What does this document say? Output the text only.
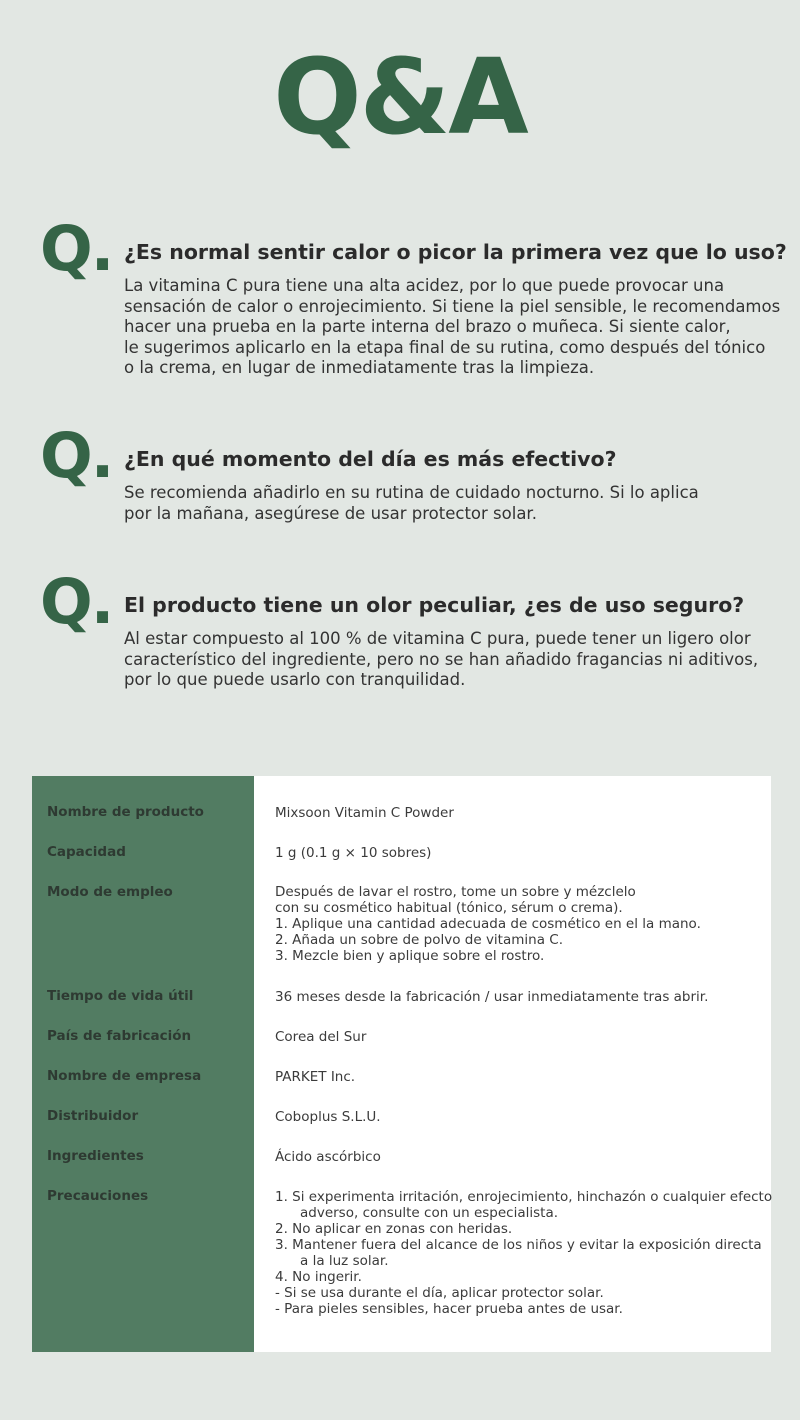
Q&A
Q. ¿Es normal sentir calor o picor la primera vez que lo uso?
La vitamina C pura tiene una alta acidez, por lo que puede provocar una
sensación de calor o enrojecimiento. Si tiene la piel sensible, le recomendamos
hacer una prueba en la parte interna del brazo o muñeca. Si siente calor,
le sugerimos aplicarlo en la etapa final de su rutina, como después del tónico
o la crema, en lugar de inmediatamente tras la limpieza.
Q. ¿En qué momento del día es más efectivo?
Se recomienda añadirlo en su rutina de cuidado nocturno. Si lo aplica
por la mañana, asegúrese de usar protector solar.
Q. El producto tiene un olor peculiar, ¿es de uso seguro?
Al estar compuesto al 100 % de vitamina C pura, puede tener un ligero olor
característico del ingrediente, pero no se han añadido fragancias ni aditivos,
por lo que puede usarlo con tranquilidad.
Nombre de producto	Mixsoon Vitamin C Powder
Capacidad	1 g (0.1 g × 10 sobres)
Modo de empleo	Después de lavar el rostro, tome un sobre y mézclelo
con su cosmético habitual (tónico, sérum o crema).
1. Aplique una cantidad adecuada de cosmético en el la mano.
2. Añada un sobre de polvo de vitamina C.
3. Mezcle bien y aplique sobre el rostro.
Tiempo de vida útil	36 meses desde la fabricación / usar inmediatamente tras abrir.
País de fabricación	Corea del Sur
Nombre de empresa	PARKET Inc.
Distribuidor	Coboplus S.L.U.
Ingredientes	Ácido ascórbico
Precauciones	1. Si experimenta irritación, enrojecimiento, hinchazón o cualquier efecto
adverso, consulte con un especialista.
2. No aplicar en zonas con heridas.
3. Mantener fuera del alcance de los niños y evitar la exposición directa
a la luz solar.
4. No ingerir.
- Si se usa durante el día, aplicar protector solar.
- Para pieles sensibles, hacer prueba antes de usar.
